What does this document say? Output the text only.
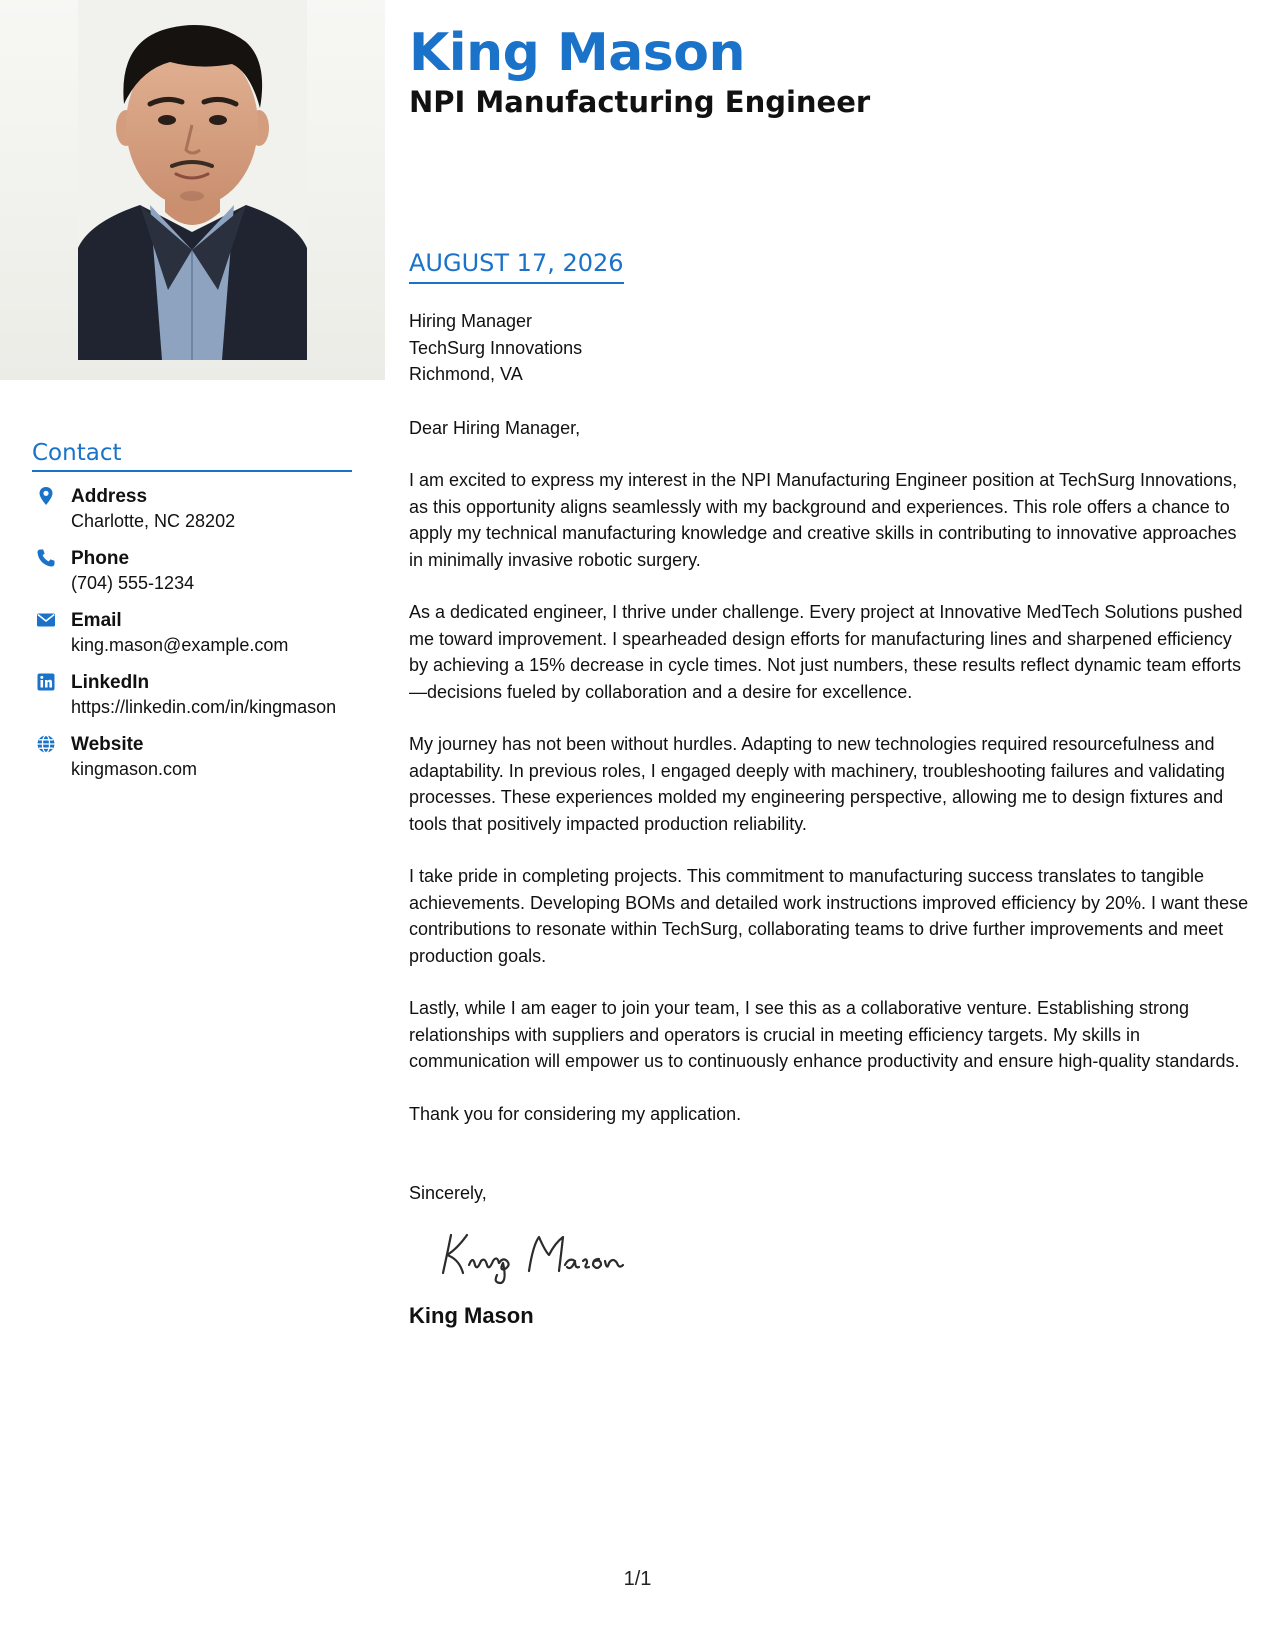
Contact
Address
Charlotte, NC 28202
Phone
(704) 555-1234
Email
king.mason@example.com
LinkedIn
https://linkedin.com/in/kingmason
Website
kingmason.com
King Mason
NPI Manufacturing Engineer
AUGUST 17, 2026
Hiring Manager
TechSurg Innovations
Richmond, VA

Dear Hiring Manager,

I am excited to express my interest in the NPI Manufacturing Engineer position at TechSurg Innovations, as this opportunity aligns seamlessly with my background and experiences. This role offers a chance to apply my technical manufacturing knowledge and creative skills in contributing to innovative approaches in minimally invasive robotic surgery.

As a dedicated engineer, I thrive under challenge. Every project at Innovative MedTech Solutions pushed me toward improvement. I spearheaded design efforts for manufacturing lines and sharpened efficiency by achieving a 15% decrease in cycle times. Not just numbers, these results reflect dynamic team efforts—decisions fueled by collaboration and a desire for excellence.

My journey has not been without hurdles. Adapting to new technologies required resourcefulness and adaptability. In previous roles, I engaged deeply with machinery, troubleshooting failures and validating processes. These experiences molded my engineering perspective, allowing me to design fixtures and tools that positively impacted production reliability.

I take pride in completing projects. This commitment to manufacturing success translates to tangible achievements. Developing BOMs and detailed work instructions improved efficiency by 20%. I want these contributions to resonate within TechSurg, collaborating teams to drive further improvements and meet production goals.

Lastly, while I am eager to join your team, I see this as a collaborative venture. Establishing strong relationships with suppliers and operators is crucial in meeting efficiency targets. My skills in communication will empower us to continuously enhance productivity and ensure high-quality standards.

Thank you for considering my application.

Sincerely,

King Mason
1/1
